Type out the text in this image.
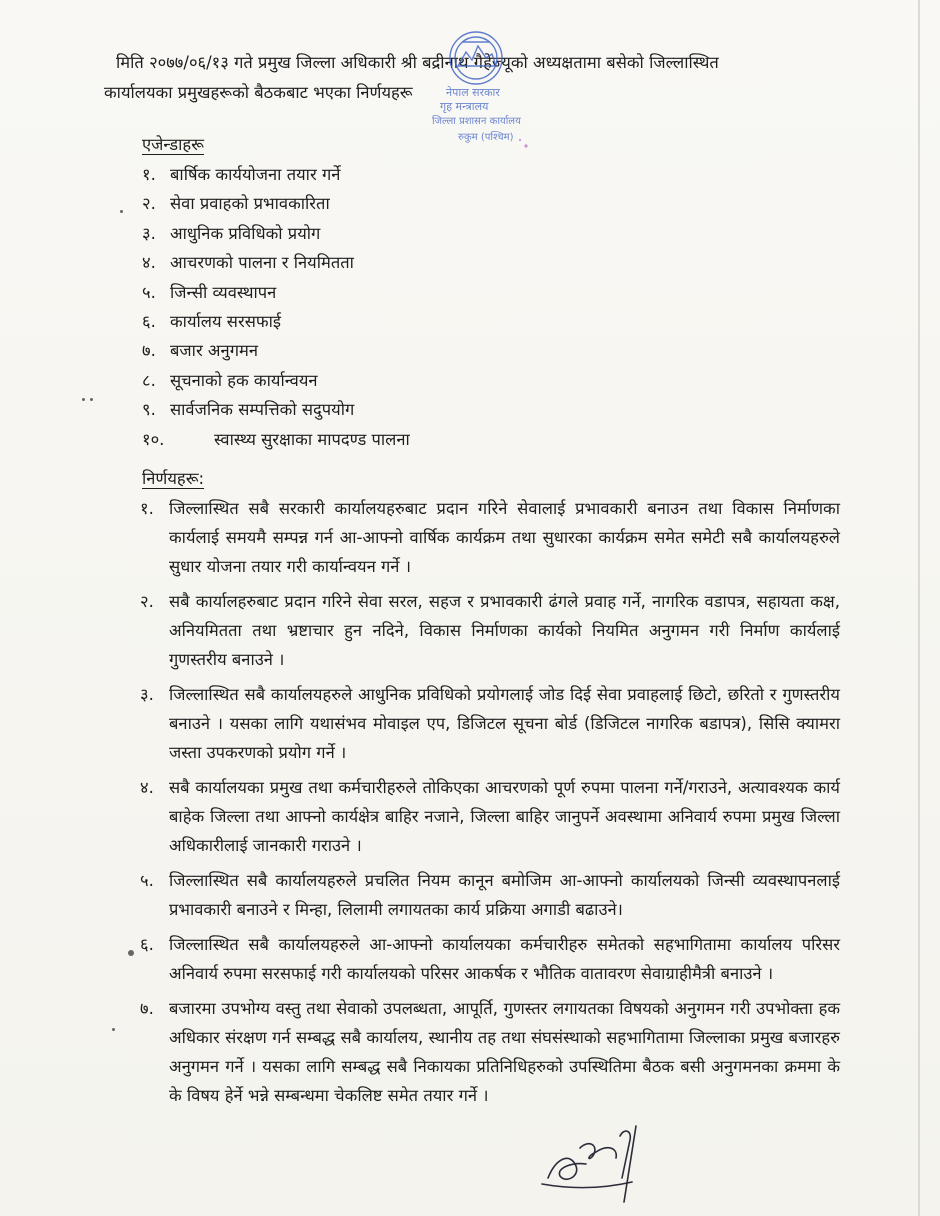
मिति २०७७/०६/१३ गते प्रमुख जिल्ला अधिकारी श्री बद्रीनाथ गैहेज्यूको अध्यक्षतामा बसेको जिल्लास्थित
कार्यालयका प्रमुखहरूको बैठकबाट भएका निर्णयहरू	नेपाल सरकार
गृह मन्त्रालय
जिल्ला प्रशासन कार्यालय
रुकुम (पश्चिम)
एजेन्डाहरू
१. बार्षिक कार्ययोजना तयार गर्ने
२. सेवा प्रवाहको प्रभावकारिता
३. आधुनिक प्रविधिको प्रयोग
४. आचरणको पालना र नियमितता
५. जिन्सी व्यवस्थापन
६. कार्यालय सरसफाई
७. बजार अनुगमन
८. सूचनाको हक कार्यान्वयन
९. सार्वजनिक सम्पत्तिको सदुपयोग
१०.	स्वास्थ्य सुरक्षाका मापदण्ड पालना
निर्णयहरू:
१. जिल्लास्थित सबै सरकारी कार्यालयहरुबाट प्रदान गरिने सेवालाई प्रभावकारी बनाउन तथा विकास निर्माणका कार्यलाई समयमै सम्पन्न गर्न आ-आफ्नो वार्षिक कार्यक्रम तथा सुधारका कार्यक्रम समेत समेटी सबै कार्यालयहरुले सुधार योजना तयार गरी कार्यान्वयन गर्ने ।
२. सबै कार्यालहरुबाट प्रदान गरिने सेवा सरल, सहज र प्रभावकारी ढंगले प्रवाह गर्ने, नागरिक वडापत्र, सहायता कक्ष, अनियमितता तथा भ्रष्टाचार हुन नदिने, विकास निर्माणका कार्यको नियमित अनुगमन गरी निर्माण कार्यलाई गुणस्तरीय बनाउने ।
३. जिल्लास्थित सबै कार्यालयहरुले आधुनिक प्रविधिको प्रयोगलाई जोड दिई सेवा प्रवाहलाई छिटो, छरितो र गुणस्तरीय बनाउने । यसका लागि यथासंभव मोवाइल एप, डिजिटल सूचना बोर्ड (डिजिटल नागरिक बडापत्र), सिसि क्यामरा जस्ता उपकरणको प्रयोग गर्ने ।
४. सबै कार्यालयका प्रमुख तथा कर्मचारीहरुले तोकिएका आचरणको पूर्ण रुपमा पालना गर्ने/गराउने, अत्यावश्यक कार्य बाहेक जिल्ला तथा आफ्नो कार्यक्षेत्र बाहिर नजाने, जिल्ला बाहिर जानुपर्ने अवस्थामा अनिवार्य रुपमा प्रमुख जिल्ला अधिकारीलाई जानकारी गराउने ।
५. जिल्लास्थित सबै कार्यालयहरुले प्रचलित नियम कानून बमोजिम आ-आफ्नो कार्यालयको जिन्सी व्यवस्थापनलाई प्रभावकारी बनाउने र मिन्हा, लिलामी लगायतका कार्य प्रक्रिया अगाडी बढाउने।
६. जिल्लास्थित सबै कार्यालयहरुले आ-आफ्नो कार्यालयका कर्मचारीहरु समेतको सहभागितामा कार्यालय परिसर अनिवार्य रुपमा सरसफाई गरी कार्यालयको परिसर आकर्षक र भौतिक वातावरण सेवाग्राहीमैत्री बनाउने ।
७. बजारमा उपभोग्य वस्तु तथा सेवाको उपलब्धता, आपूर्ति, गुणस्तर लगायतका विषयको अनुगमन गरी उपभोक्ता हक अधिकार संरक्षण गर्न सम्बद्ध सबै कार्यालय, स्थानीय तह तथा संघसंस्थाको सहभागितामा जिल्लाका प्रमुख बजारहरु अनुगमन गर्ने । यसका लागि सम्बद्ध सबै निकायका प्रतिनिधिहरुको उपस्थितिमा बैठक बसी अनुगमनका क्रममा के के विषय हेर्ने भन्ने सम्बन्धमा चेकलिष्ट समेत तयार गर्ने ।
